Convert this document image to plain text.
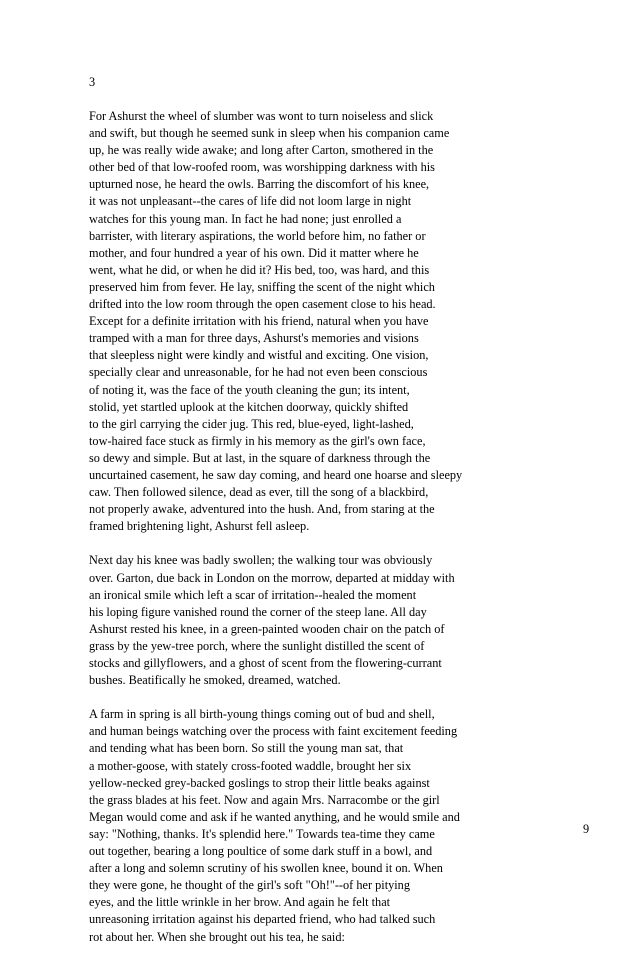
3

For Ashurst the wheel of slumber was wont to turn noiseless and slick
and swift, but though he seemed sunk in sleep when his companion came
up, he was really wide awake; and long after Carton, smothered in the
other bed of that low-roofed room, was worshipping darkness with his
upturned nose, he heard the owls. Barring the discomfort of his knee,
it was not unpleasant--the cares of life did not loom large in night
watches for this young man. In fact he had none; just enrolled a
barrister, with literary aspirations, the world before him, no father or
mother, and four hundred a year of his own. Did it matter where he
went, what he did, or when he did it? His bed, too, was hard, and this
preserved him from fever. He lay, sniffing the scent of the night which
drifted into the low room through the open casement close to his head.
Except for a definite irritation with his friend, natural when you have
tramped with a man for three days, Ashurst's memories and visions
that sleepless night were kindly and wistful and exciting. One vision,
specially clear and unreasonable, for he had not even been conscious
of noting it, was the face of the youth cleaning the gun; its intent,
stolid, yet startled uplook at the kitchen doorway, quickly shifted
to the girl carrying the cider jug. This red, blue-eyed, light-lashed,
tow-haired face stuck as firmly in his memory as the girl's own face,
so dewy and simple. But at last, in the square of darkness through the
uncurtained casement, he saw day coming, and heard one hoarse and sleepy
caw. Then followed silence, dead as ever, till the song of a blackbird,
not properly awake, adventured into the hush. And, from staring at the
framed brightening light, Ashurst fell asleep.

Next day his knee was badly swollen; the walking tour was obviously
over. Garton, due back in London on the morrow, departed at midday with
an ironical smile which left a scar of irritation--healed the moment
his loping figure vanished round the corner of the steep lane. All day
Ashurst rested his knee, in a green-painted wooden chair on the patch of
grass by the yew-tree porch, where the sunlight distilled the scent of
stocks and gillyflowers, and a ghost of scent from the flowering-currant
bushes. Beatifically he smoked, dreamed, watched.

A farm in spring is all birth-young things coming out of bud and shell,
and human beings watching over the process with faint excitement feeding
and tending what has been born. So still the young man sat, that
a mother-goose, with stately cross-footed waddle, brought her six
yellow-necked grey-backed goslings to strop their little beaks against
the grass blades at his feet. Now and again Mrs. Narracombe or the girl
Megan would come and ask if he wanted anything, and he would smile and
say: "Nothing, thanks. It's splendid here." Towards tea-time they came
out together, bearing a long poultice of some dark stuff in a bowl, and
after a long and solemn scrutiny of his swollen knee, bound it on. When
they were gone, he thought of the girl's soft "Oh!"--of her pitying
eyes, and the little wrinkle in her brow. And again he felt that
unreasoning irritation against his departed friend, who had talked such
rot about her. When she brought out his tea, he said:

9
